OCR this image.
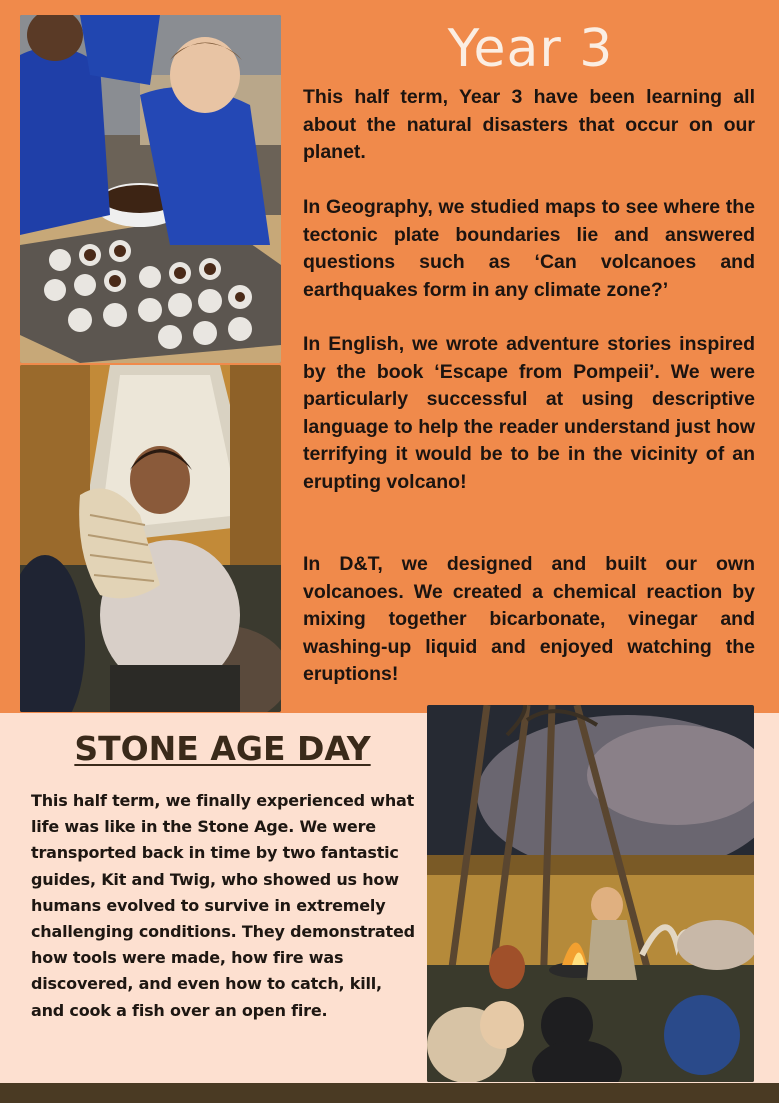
Year 3

This half term, Year 3 have been learning all about the natural disasters that occur on our planet.

In Geography, we studied maps to see where the tectonic plate boundaries lie and answered questions such as ‘Can volcanoes and earthquakes form in any climate zone?’

In English, we wrote adventure stories inspired by the book ‘Escape from Pompeii’. We were particularly successful at using descriptive language to help the reader understand just how terrifying it would be to be in the vicinity of an erupting volcano!

In D&T, we designed and built our own volcanoes. We created a chemical reaction by mixing together bicarbonate, vinegar and washing-up liquid and enjoyed watching the eruptions!

STONE AGE DAY

This half term, we finally experienced what life was like in the Stone Age. We were transported back in time by two fantastic guides, Kit and Twig, who showed us how humans evolved to survive in extremely challenging conditions. They demonstrated how tools were made, how fire was discovered, and even how to catch, kill, and cook a fish over an open fire.
